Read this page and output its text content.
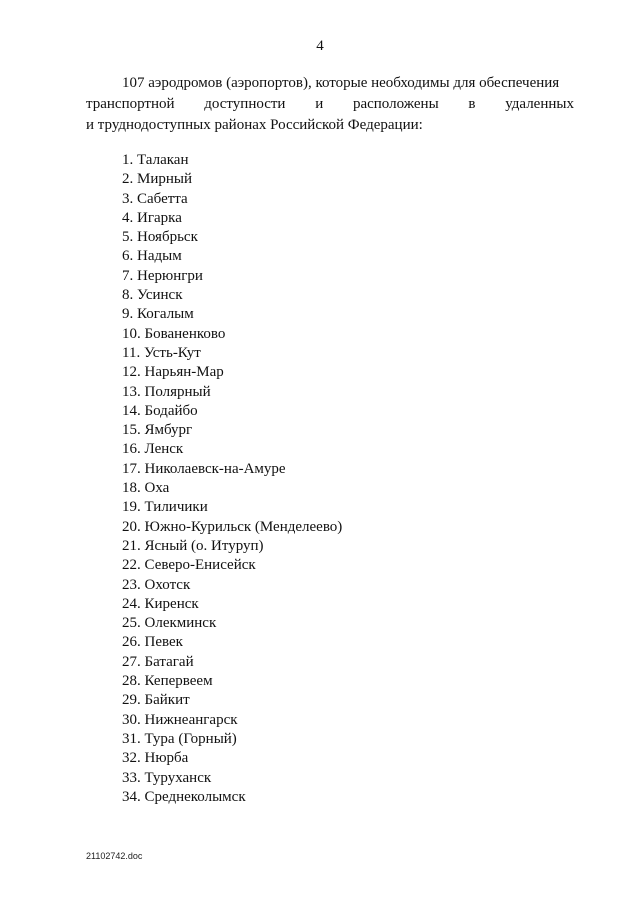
4
107 аэродромов (аэропортов), которые необходимы для обеспечения
транспортной доступности и расположены в удаленных
и труднодоступных районах Российской Федерации:
1. Талакан
2. Мирный
3. Сабетта
4. Игарка
5. Ноябрьск
6. Надым
7. Нерюнгри
8. Усинск
9. Когалым
10. Бованенково
11. Усть-Кут
12. Нарьян-Мар
13. Полярный
14. Бодайбо
15. Ямбург
16. Ленск
17. Николаевск-на-Амуре
18. Оха
19. Тиличики
20. Южно-Курильск (Менделеево)
21. Ясный (о. Итуруп)
22. Северо-Енисейск
23. Охотск
24. Киренск
25. Олекминск
26. Певек
27. Батагай
28. Кепервеем
29. Байкит
30. Нижнеангарск
31. Тура (Горный)
32. Нюрба
33. Туруханск
34. Среднеколымск
21102742.doc
